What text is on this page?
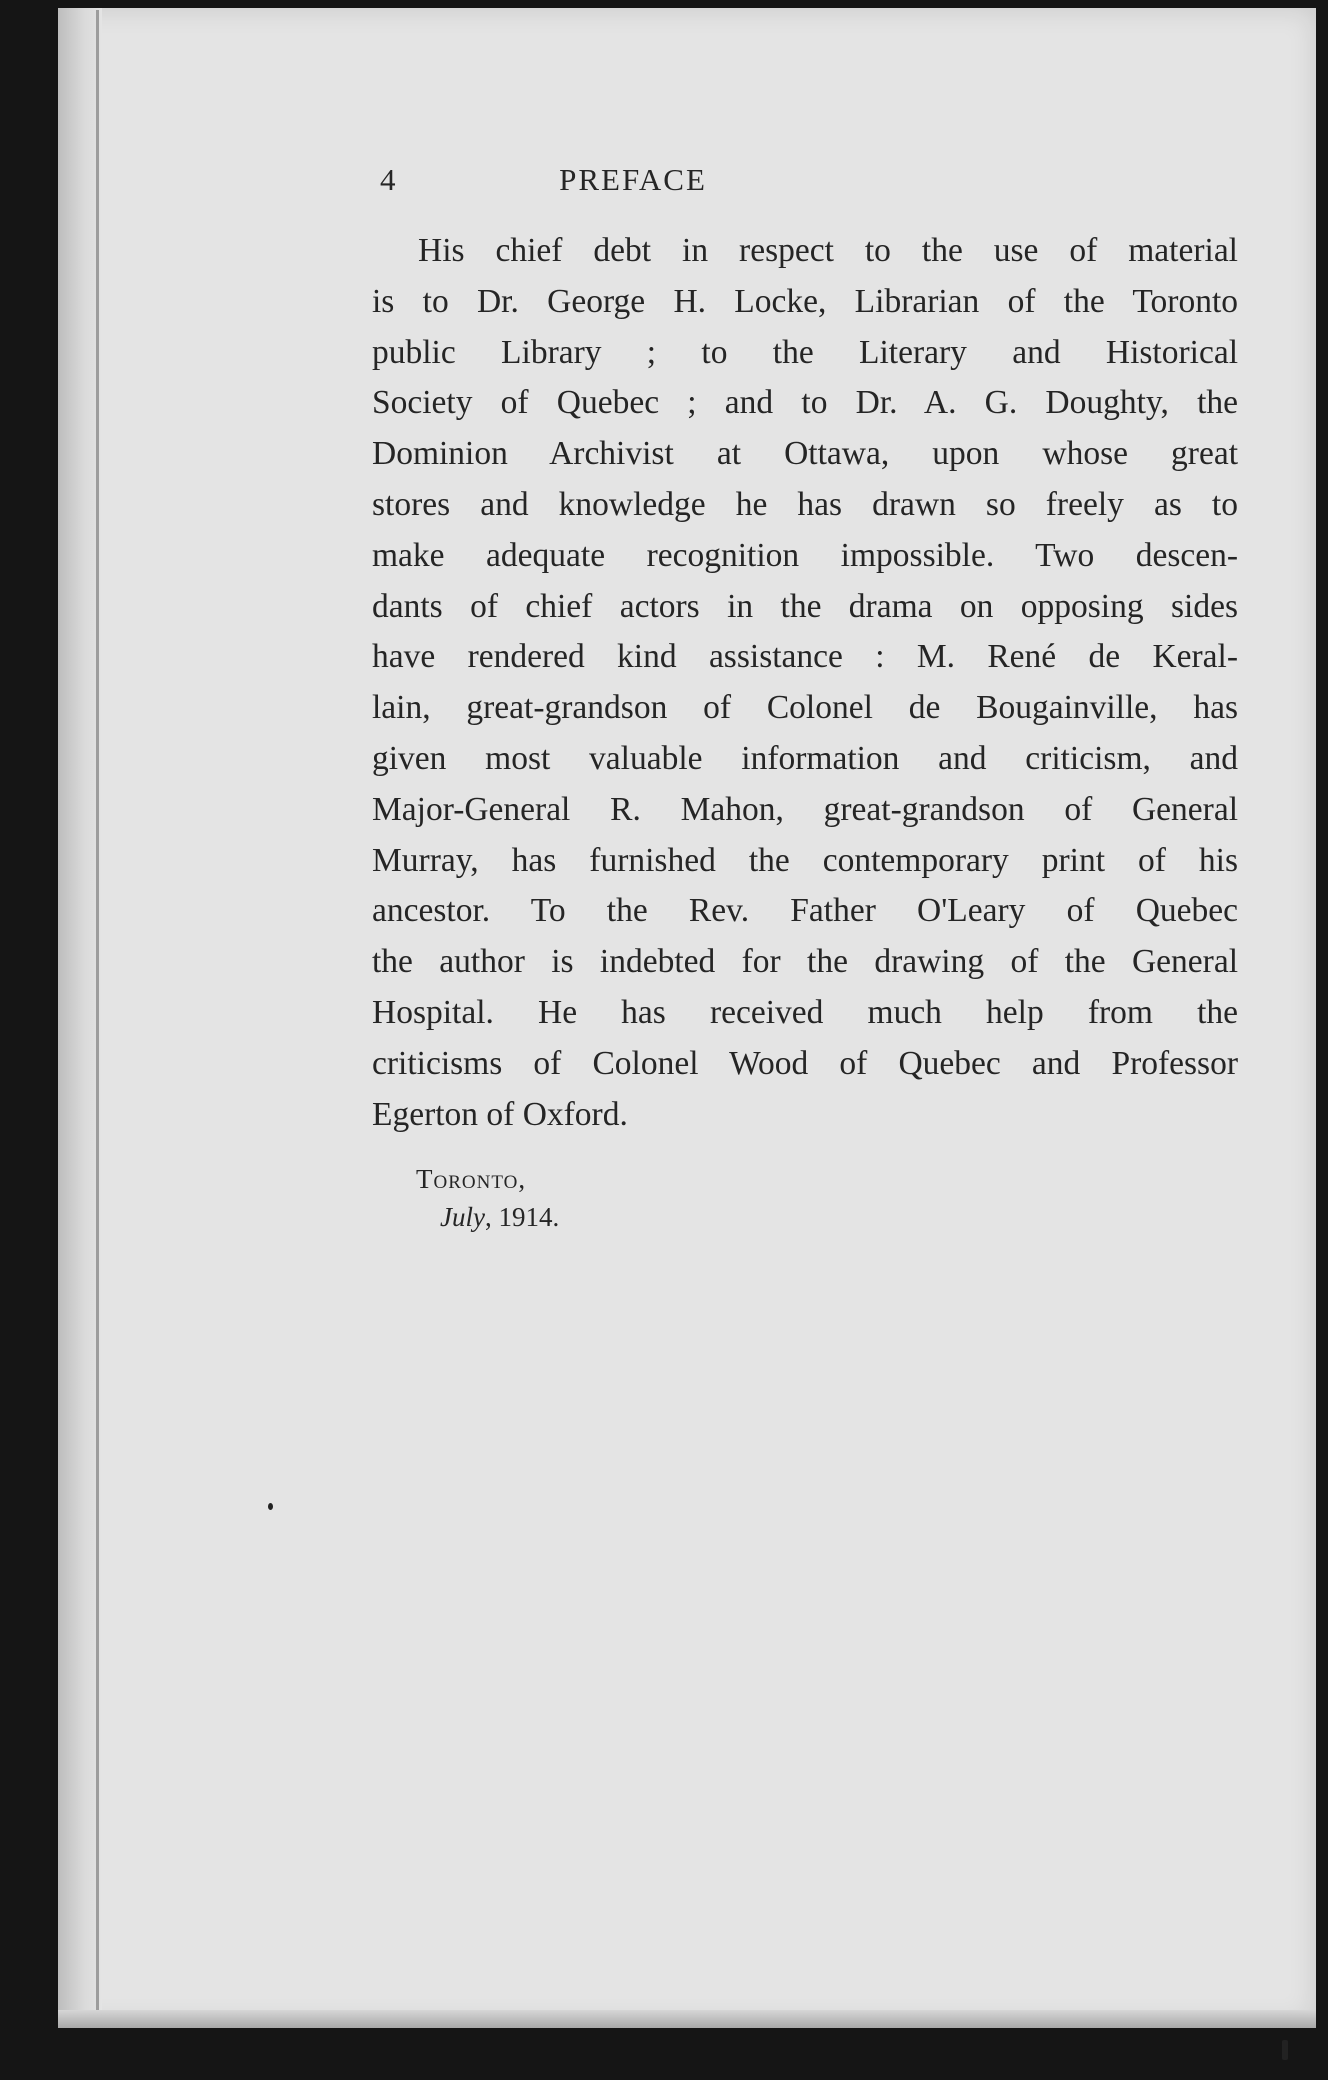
4	PREFACE
His chief debt in respect to the use of material
is to Dr. George H. Locke, Librarian of the Toronto
public Library ; to the Literary and Historical
Society of Quebec ; and to Dr. A. G. Doughty, the
Dominion Archivist at Ottawa, upon whose great
stores and knowledge he has drawn so freely as to
make adequate recognition impossible. Two descen-
dants of chief actors in the drama on opposing sides
have rendered kind assistance : M. René de Keral-
lain, great-grandson of Colonel de Bougainville, has
given most valuable information and criticism, and
Major-General R. Mahon, great-grandson of General
Murray, has furnished the contemporary print of his
ancestor. To the Rev. Father O'Leary of Quebec
the author is indebted for the drawing of the General
Hospital. He has received much help from the
criticisms of Colonel Wood of Quebec and Professor
Egerton of Oxford.
Toronto,
July, 1914.
